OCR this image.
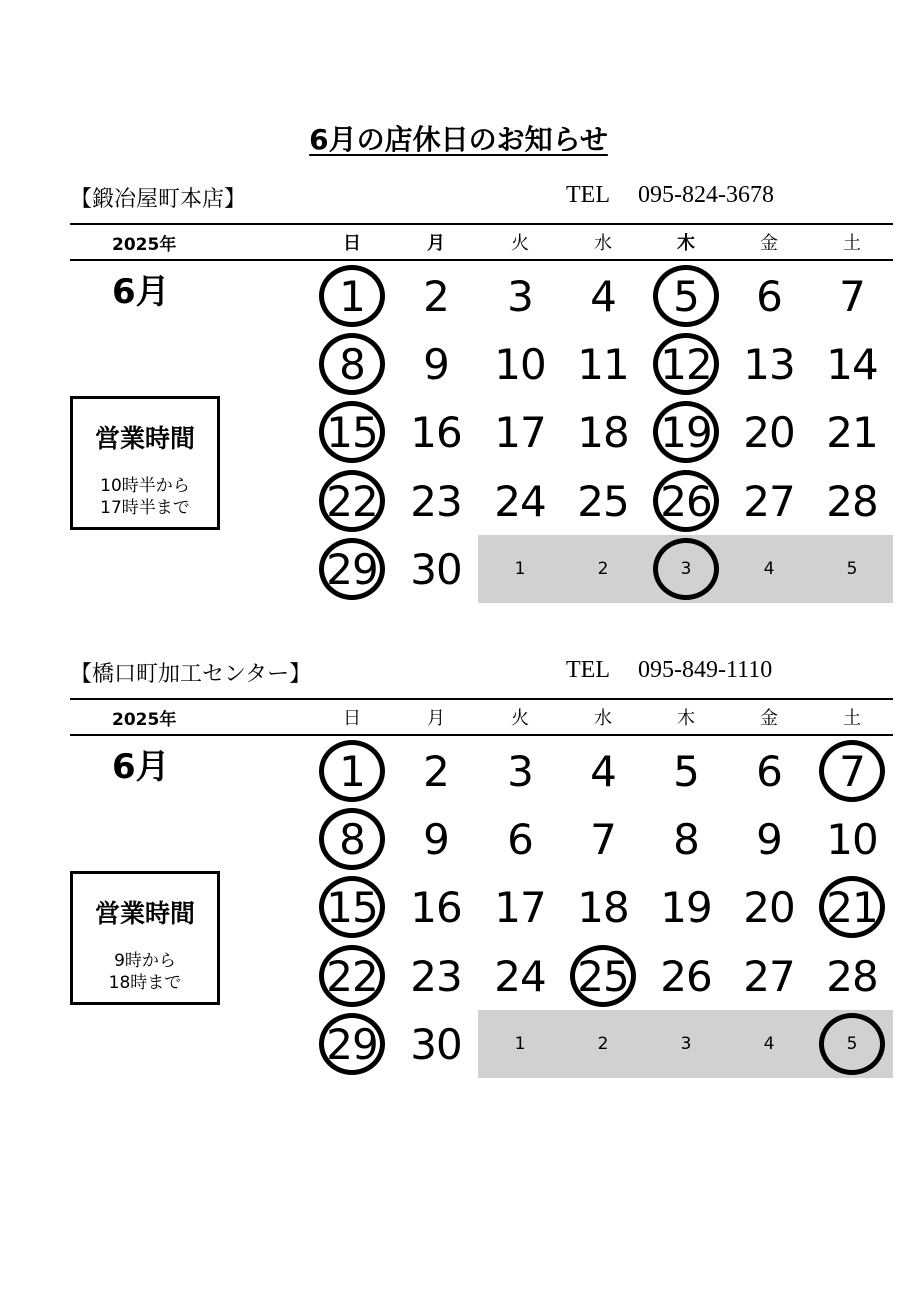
6月の店休日のお知らせ
【鍛冶屋町本店】	TEL 095-824-3678
2025年	日	月	火	水	木	金	土
6月
営業時間
10時半から
17時半まで
1	2	3	4	5	6	7
8	9	10 11 12 13 14
15 16 17 18 19 20 21
22 23 24 25 26 27 28
29 30	1	2	3	4	5
【橋口町加工センター】	TEL 095-849-1110
2025年	日	月	火	水	木	金	土
6月
営業時間
9時から
18時まで
1	2	3	4	5	6	7
8	9	6	7	8	9	10
15 16 17 18 19 20 21
22 23 24 25 26 27 28
29 30	1	2	3	4	5
